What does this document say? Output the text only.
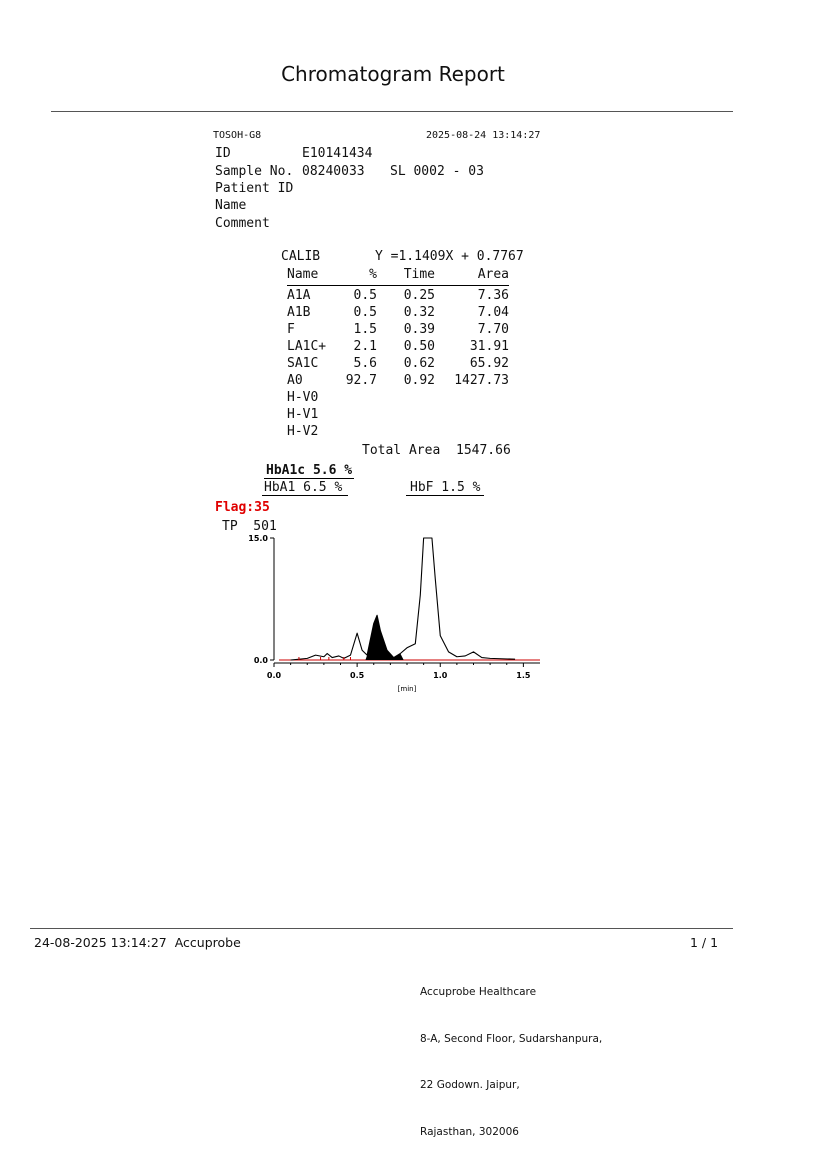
Chromatogram Report
TOSOH-G8	2025-08-24 13:14:27
ID	E10141434
Sample No. 08240033 SL 0002 - 03
Patient ID
Name
Comment
CALIB	Y =1.1409X + 0.7767
Name	%	Time	Area

A1A	0.5	0.25	7.36
A1B	0.5	0.32	7.04
F	1.5	0.39	7.70
LA1C+	2.1	0.50	31.91
SA1C	5.6	0.62	65.92
A0	92.7	0.92	1427.73
H-V0			
H-V1			
H-V2			
Total Area 1547.66
HbA1c 5.6 %
HbA1 6.5 %	HbF 1.5 %
Flag:35
TP  501
0.0
15.0
0.0	0.5	1.0	1.5
[min]
24-08-2025 13:14:27  Accuprobe	1 / 1

Accuprobe Healthcare

8-A, Second Floor, Sudarshanpura,

22 Godown. Jaipur,

Rajasthan, 302006
